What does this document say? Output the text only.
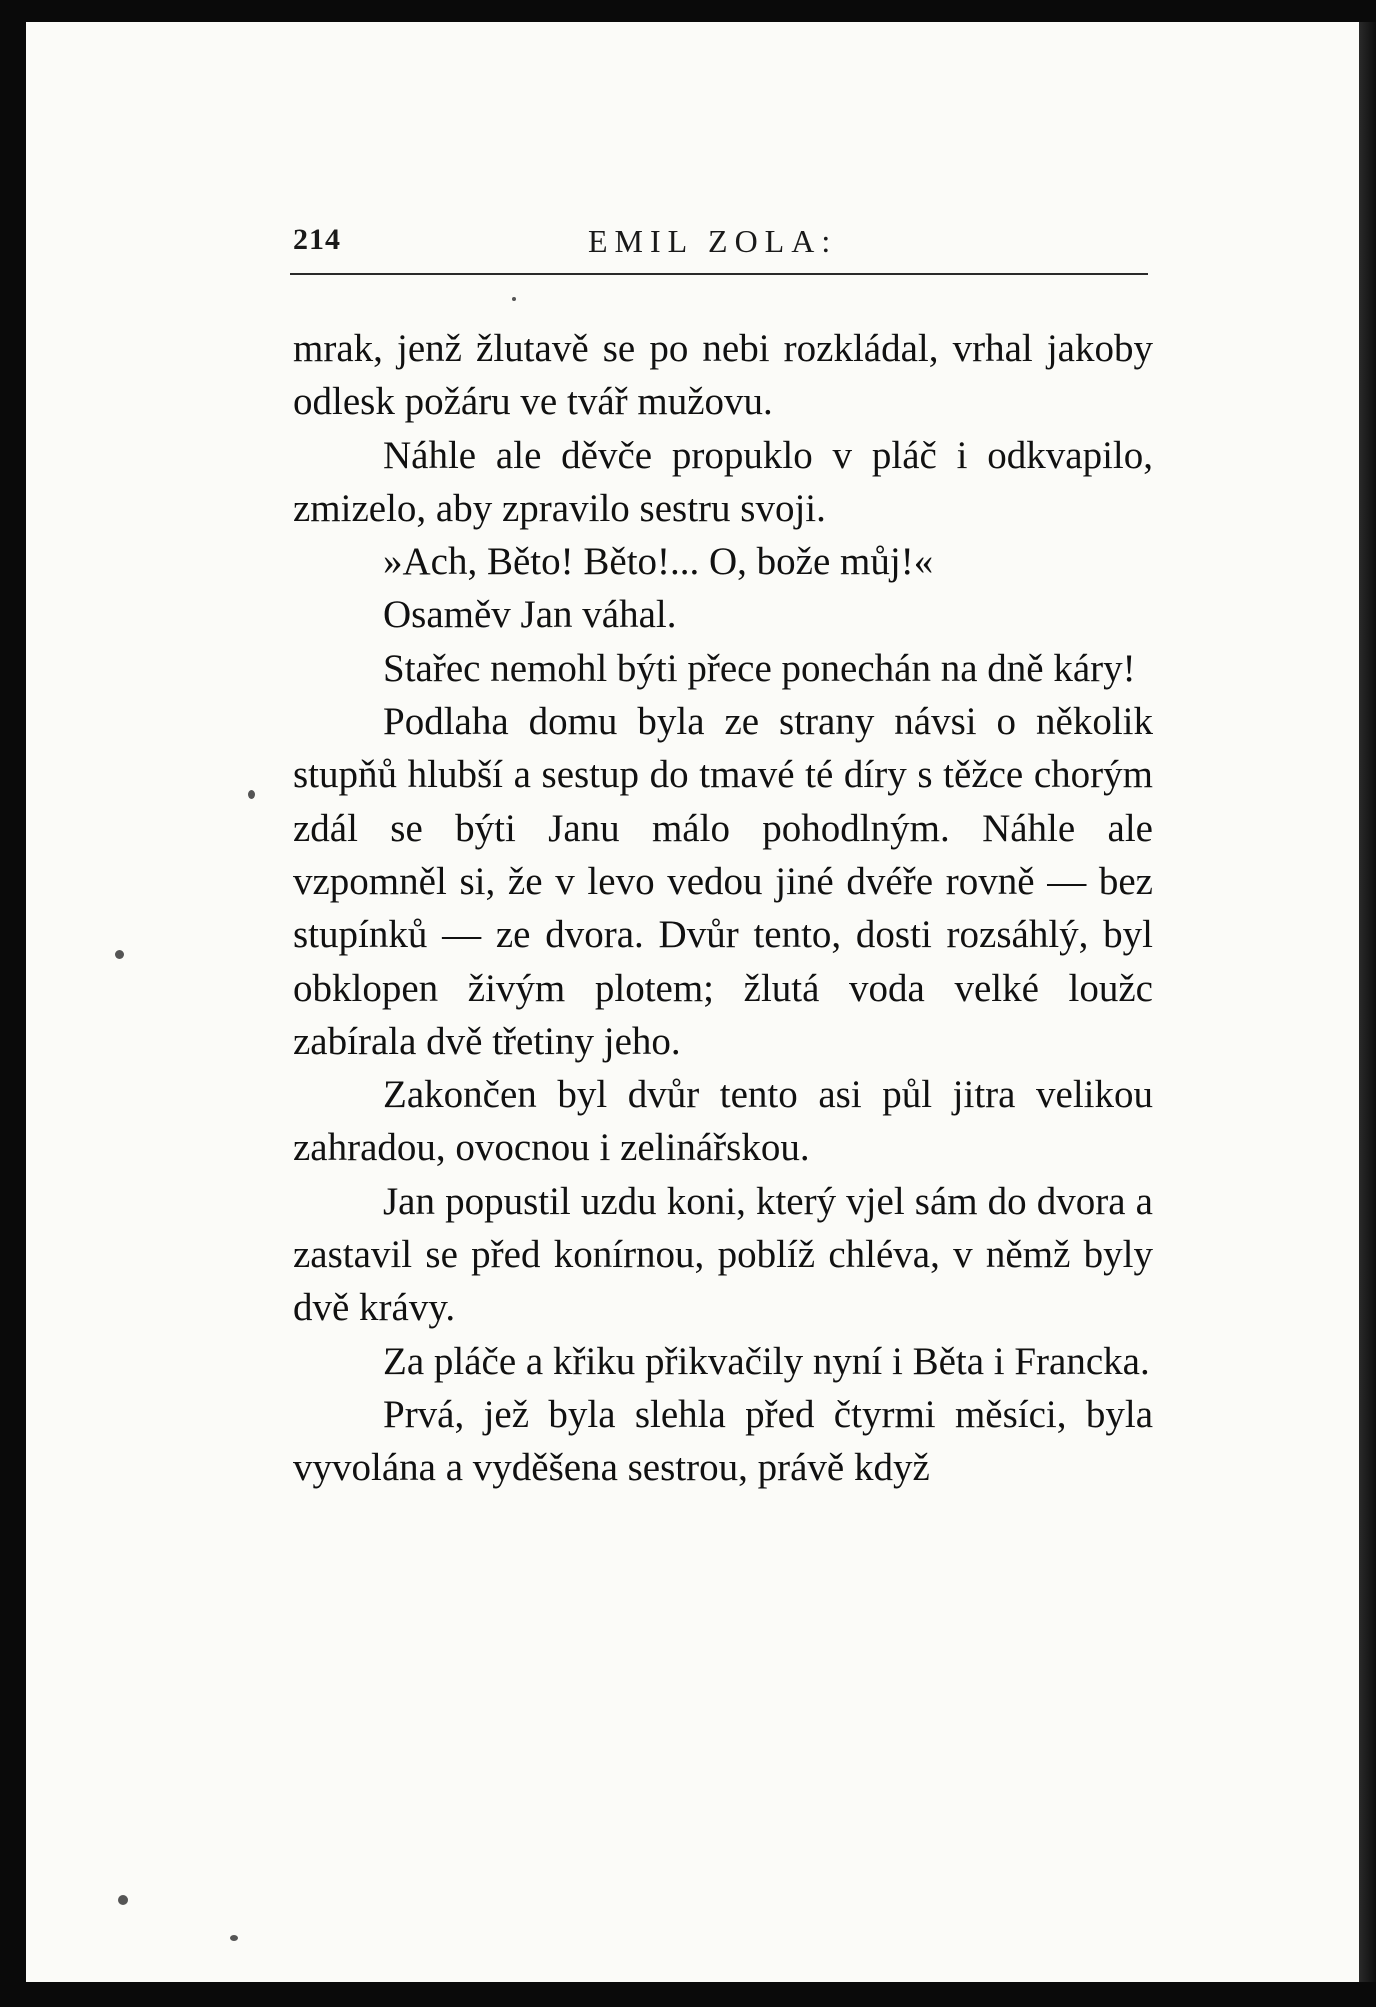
214	EMIL ZOLA:

mrak, jenž žlutavě se po nebi rozkládal, vrhal jakoby odlesk požáru ve tvář mužovu.

Náhle ale děvče propuklo v pláč i odkvapilo, zmizelo, aby zpravilo sestru svoji.

»Ach, Běto! Běto!... O, bože můj!«

Osaměv Jan váhal.

Stařec nemohl býti přece ponechán na dně káry!

Podlaha domu byla ze strany návsi o několik stupňů hlubší a sestup do tmavé té díry s těžce chorým zdál se býti Janu málo pohodlným. Náhle ale vzpomněl si, že v levo vedou jiné dvéře rovně — bez stupínků — ze dvora. Dvůr tento, dosti rozsáhlý, byl obklopen živým plotem; žlutá voda velké loužc zabírala dvě třetiny jeho.

Zakončen byl dvůr tento asi půl jitra velikou zahradou, ovocnou i zelinářskou.

Jan popustil uzdu koni, který vjel sám do dvora a zastavil se před konírnou, poblíž chléva, v němž byly dvě krávy.

Za pláče a křiku přikvačily nyní i Běta i Francka.

Prvá, jež byla slehla před čtyrmi měsíci, byla vyvolána a vyděšena sestrou, právě když
